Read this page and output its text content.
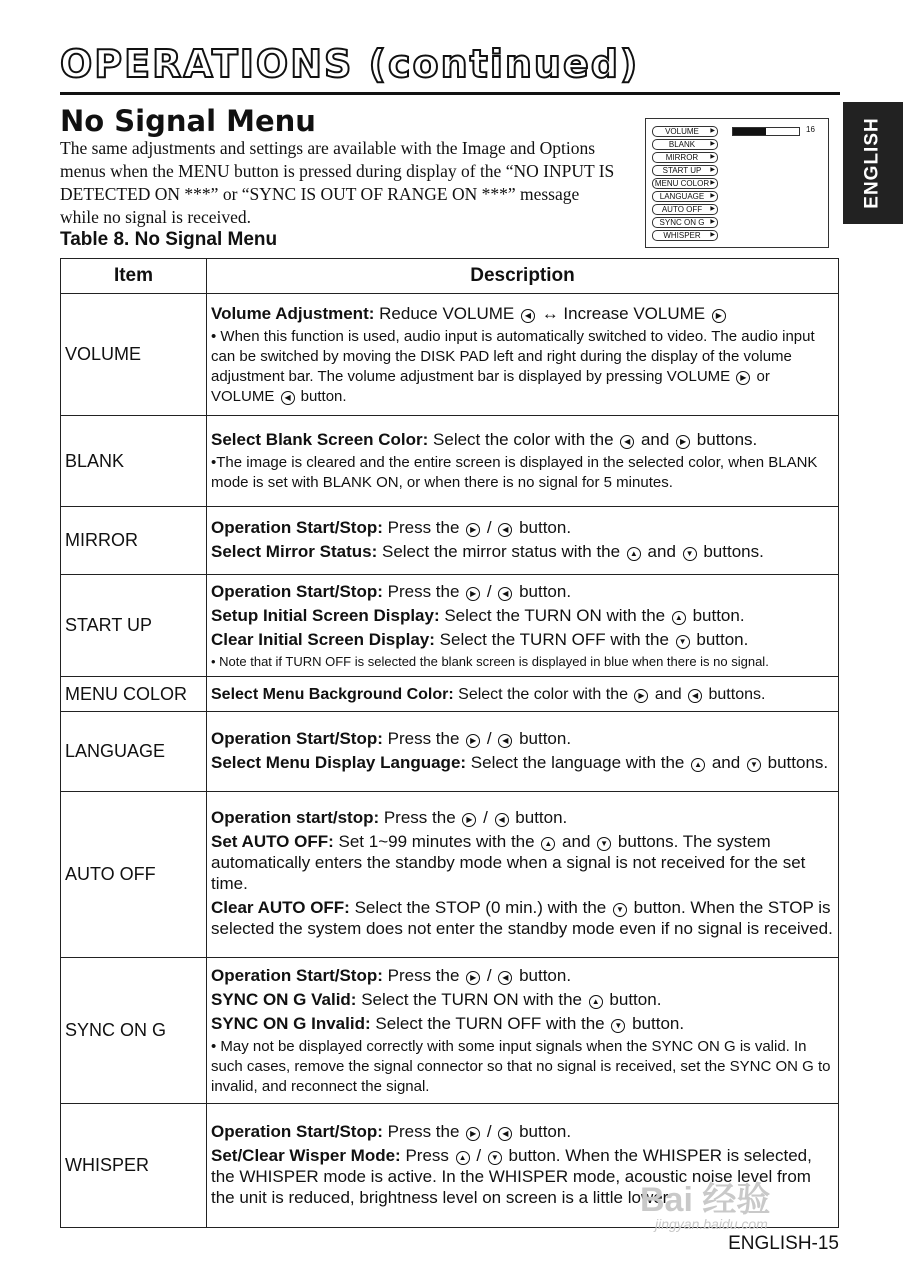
OPERATIONS (continued)
ENGLISH
No Signal Menu
The same adjustments and settings are available with the Image and Options menus when the MENU button is pressed during display of the “NO INPUT IS DETECTED ON ***” or “SYNC IS OUT OF RANGE ON ***” message while no signal is received.
Table 8. No Signal Menu
VOLUME ▶
BLANK	▶
MIRROR ▶
START UP ▶
MENU COLOR ▶
LANGUAGE ▶
AUTO OFF ▶
SYNC ON G ▶
WHISPER ▶
16
Item	Description
VOLUME	Volume Adjustment: Reduce VOLUME ◀ ↔ Increase VOLUME ▶

• When this function is used, audio input is automatically switched to video. The audio input can be switched by moving the DISK PAD left and right during the display of the volume adjustment bar. The volume adjustment bar is displayed by pressing VOLUME ▶ or VOLUME ◀ button.

BLANK	Select Blank Screen Color: Select the color with the ◀ and ▶ buttons.

•The image is cleared and the entire screen is displayed in the selected color, when BLANK mode is set with BLANK ON, or when there is no signal for 5 minutes.

MIRROR	Operation Start/Stop: Press the ▶ / ◀ button.

Select Mirror Status: Select the mirror status with the ▲ and ▼ buttons.

START UP	Operation Start/Stop: Press the ▶ / ◀ button.

Setup Initial Screen Display: Select the TURN ON with the ▲ button.

Clear Initial Screen Display: Select the TURN OFF with the ▼ button.

• Note that if TURN OFF is selected the blank screen is displayed in blue when there is no signal.

MENU COLOR	Select Menu Background Color: Select the color with the ▶ and ◀ buttons.

LANGUAGE	Operation Start/Stop: Press the ▶ / ◀ button.

Select Menu Display Language: Select the language with the ▲ and ▼ buttons.

AUTO OFF	Operation start/stop: Press the ▶ / ◀ button.

Set AUTO OFF: Set 1~99 minutes with the ▲ and ▼ buttons. The system automatically enters the standby mode when a signal is not received for the set time.

Clear AUTO OFF: Select the STOP (0 min.) with the ▼ button. When the STOP is selected the system does not enter the standby mode even if no signal is received.

SYNC ON G	Operation Start/Stop: Press the ▶ / ◀ button.

SYNC ON G Valid: Select the TURN ON with the ▲ button.

SYNC ON G Invalid: Select the TURN OFF with the ▼ button.

• May not be displayed correctly with some input signals when the SYNC ON G is valid. In such cases, remove the signal connector so that no signal is received, set the SYNC ON G to invalid, and reconnect the signal.

WHISPER	Operation Start/Stop: Press the ▶ / ◀ button.

Set/Clear Wisper Mode: Press ▲ / ▼ button. When the WHISPER is selected, the WHISPER mode is active. In the WHISPER mode, acoustic noise level from the unit is reduced, brightness level on screen is a little lower.

Bai 经验
jingyan.baidu.com
ENGLISH-15
